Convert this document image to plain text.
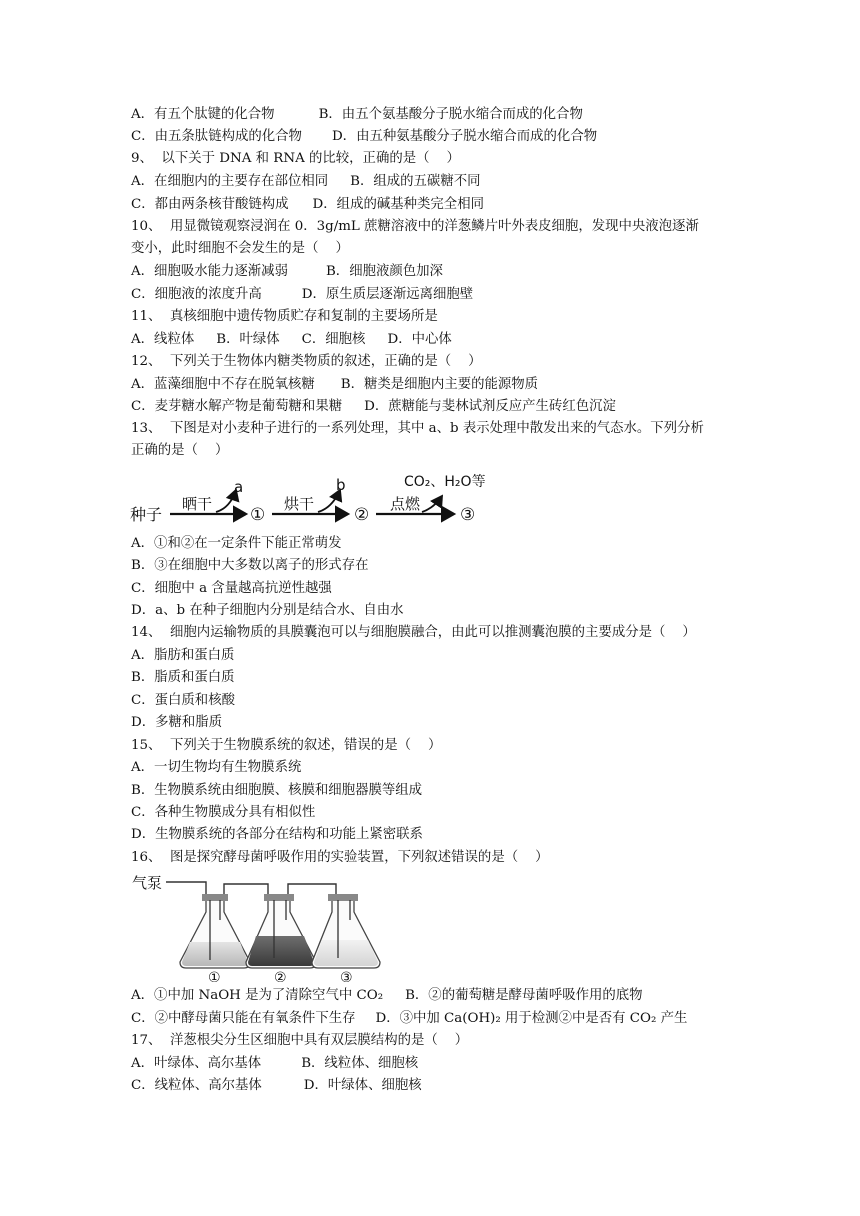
A．有五个肽键的化合物	B．由五个氨基酸分子脱水缩合而成的化合物
C．由五条肽链构成的化合物 D．由五种氨基酸分子脱水缩合而成的化合物
9、  以下关于 DNA 和 RNA 的比较，正确的是（    ）
A．在细胞内的主要存在部位相同 B．组成的五碳糖不同
C．都由两条核苷酸链构成 D．组成的碱基种类完全相同
10、  用显微镜观察浸润在 0．3g/mL 蔗糖溶液中的洋葱鳞片叶外表皮细胞，发现中央液泡逐渐
变小，此时细胞不会发生的是（    ）
A．细胞吸水能力逐渐减弱	B．细胞液颜色加深
C．细胞液的浓度升高	D．原生质层逐渐远离细胞壁
11、  真核细胞中遗传物质贮存和复制的主要场所是
A．线粒体 B．叶绿体 C．细胞核 D．中心体
12、  下列关于生物体内糖类物质的叙述，正确的是（    ）
A．蓝藻细胞中不存在脱氧核糖 B．糖类是细胞内主要的能源物质
C．麦芽糖水解产物是葡萄糖和果糖 D．蔗糖能与斐林试剂反应产生砖红色沉淀
13、  下图是对小麦种子进行的一系列处理，其中 a、b 表示处理中散发出来的气态水。下列分析
正确的是（    ）
种子
晒干
a
①
烘干
b
②
点燃
CO₂、H₂O等
③
A．①和②在一定条件下能正常萌发
B．③在细胞中大多数以离子的形式存在
C．细胞中 a 含量越高抗逆性越强
D．a、b 在种子细胞内分别是结合水、自由水
14、  细胞内运输物质的具膜囊泡可以与细胞膜融合，由此可以推测囊泡膜的主要成分是（    ）
A．脂肪和蛋白质
B．脂质和蛋白质
C．蛋白质和核酸
D．多糖和脂质
15、  下列关于生物膜系统的叙述，错误的是（    ）
A．一切生物均有生物膜系统
B．生物膜系统由细胞膜、核膜和细胞器膜等组成
C．各种生物膜成分具有相似性
D．生物膜系统的各部分在结构和功能上紧密联系
16、  图是探究酵母菌呼吸作用的实验装置，下列叙述错误的是（    ）
气泵
①	②	③
A．①中加 NaOH 是为了清除空气中 CO₂ B．②的葡萄糖是酵母菌呼吸作用的底物
C．②中酵母菌只能在有氧条件下生存 D．③中加 Ca(OH)₂ 用于检测②中是否有 CO₂ 产生
17、  洋葱根尖分生区细胞中具有双层膜结构的是（    ）
A．叶绿体、高尔基体	B．线粒体、细胞核
C．线粒体、高尔基体	D．叶绿体、细胞核
